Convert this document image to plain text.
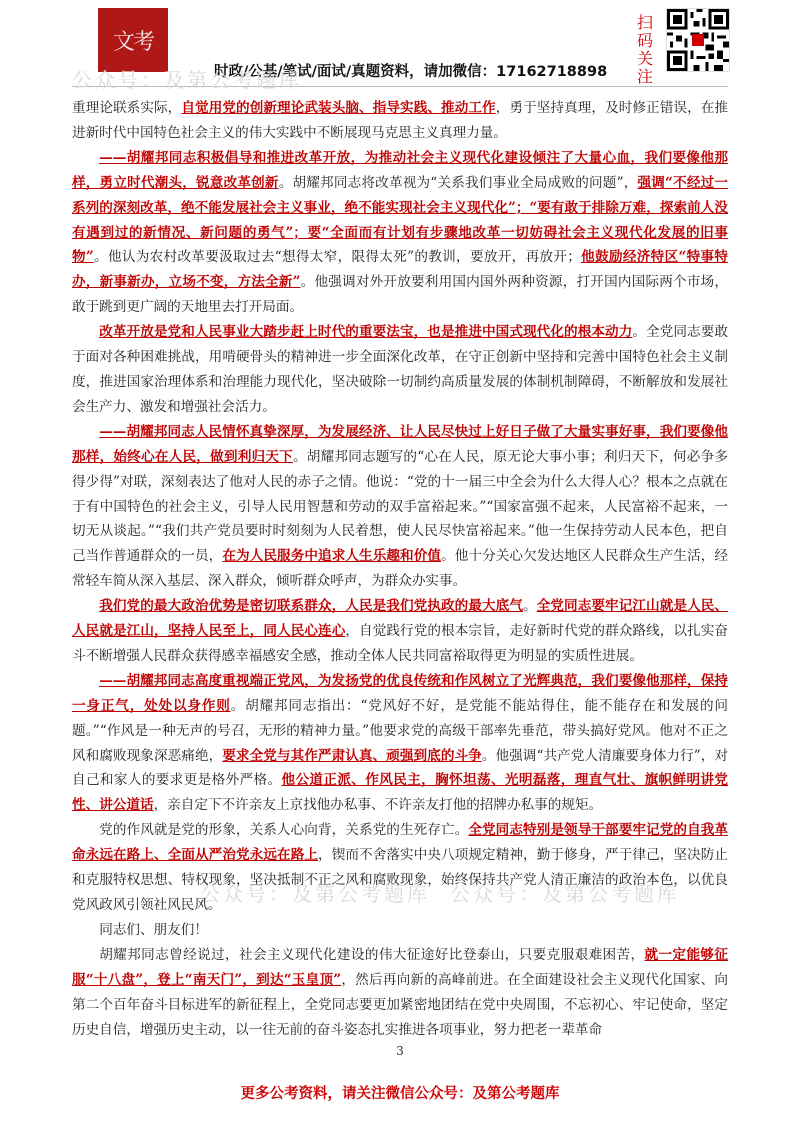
文考
时政/公基/笔试/面试/真题资料，请加微信：17162718898
扫码关注
公众号：及第公考题库
公众号：及第公考题库 公众号：及第公考题库

重理论联系实际，自觉用党的创新理论武装头脑、指导实践、推动工作，勇于坚持真理，及时修正错误，在推进新时代中国特色社会主义的伟大实践中不断展现马克思主义真理力量。

——胡耀邦同志积极倡导和推进改革开放，为推动社会主义现代化建设倾注了大量心血，我们要像他那样，勇立时代潮头，锐意改革创新。胡耀邦同志将改革视为“关系我们事业全局成败的问题”，强调“不经过一系列的深刻改革，绝不能发展社会主义事业，绝不能实现社会主义现代化”；“要有敢于排除万难，探索前人没有遇到过的新情况、新问题的勇气”；要“全面而有计划有步骤地改革一切妨碍社会主义现代化发展的旧事物”。他认为农村改革要汲取过去“想得太窄，限得太死”的教训，要放开，再放开；他鼓励经济特区“特事特办，新事新办，立场不变，方法全新”。他强调对外开放要利用国内国外两种资源，打开国内国际两个市场，敢于跳到更广阔的天地里去打开局面。

改革开放是党和人民事业大踏步赶上时代的重要法宝，也是推进中国式现代化的根本动力。全党同志要敢于面对各种困难挑战，用啃硬骨头的精神进一步全面深化改革，在守正创新中坚持和完善中国特色社会主义制度，推进国家治理体系和治理能力现代化，坚决破除一切制约高质量发展的体制机制障碍，不断解放和发展社会生产力、激发和增强社会活力。

——胡耀邦同志人民情怀真挚深厚，为发展经济、让人民尽快过上好日子做了大量实事好事，我们要像他那样，始终心在人民，做到利归天下。胡耀邦同志题写的“心在人民，原无论大事小事；利归天下，何必争多得少得”对联，深刻表达了他对人民的赤子之情。他说：“党的十一届三中全会为什么大得人心？根本之点就在于有中国特色的社会主义，引导人民用智慧和劳动的双手富裕起来。”“国家富强不起来，人民富裕不起来，一切无从谈起。”“我们共产党员要时时刻刻为人民着想，使人民尽快富裕起来。”他一生保持劳动人民本色，把自己当作普通群众的一员，在为人民服务中追求人生乐趣和价值。他十分关心欠发达地区人民群众生产生活，经常轻车简从深入基层、深入群众，倾听群众呼声，为群众办实事。

我们党的最大政治优势是密切联系群众，人民是我们党执政的最大底气。全党同志要牢记江山就是人民、人民就是江山，坚持人民至上，同人民心连心，自觉践行党的根本宗旨，走好新时代党的群众路线，以扎实奋斗不断增强人民群众获得感幸福感安全感，推动全体人民共同富裕取得更为明显的实质性进展。

——胡耀邦同志高度重视端正党风，为发扬党的优良传统和作风树立了光辉典范，我们要像他那样，保持一身正气，处处以身作则。胡耀邦同志指出：“党风好不好，是党能不能站得住，能不能存在和发展的问题。”“作风是一种无声的号召，无形的精神力量。”他要求党的高级干部率先垂范，带头搞好党风。他对不正之风和腐败现象深恶痛绝，要求全党与其作严肃认真、顽强到底的斗争。他强调“共产党人清廉要身体力行”，对自己和家人的要求更是格外严格。他公道正派、作风民主，胸怀坦荡、光明磊落，理直气壮、旗帜鲜明讲党性、讲公道话，亲自定下不许亲友上京找他办私事、不许亲友打他的招牌办私事的规矩。

党的作风就是党的形象，关系人心向背，关系党的生死存亡。全党同志特别是领导干部要牢记党的自我革命永远在路上、全面从严治党永远在路上，锲而不舍落实中央八项规定精神，勤于修身，严于律己，坚决防止和克服特权思想、特权现象，坚决抵制不正之风和腐败现象，始终保持共产党人清正廉洁的政治本色，以优良党风政风引领社风民风。

同志们、朋友们！

胡耀邦同志曾经说过，社会主义现代化建设的伟大征途好比登泰山，只要克服艰难困苦，就一定能够征服“十八盘”，登上“南天门”，到达“玉皇顶”，然后再向新的高峰前进。在全面建设社会主义现代化国家、向第二个百年奋斗目标进军的新征程上，全党同志要更加紧密地团结在党中央周围，不忘初心、牢记使命，坚定历史自信，增强历史主动，以一往无前的奋斗姿态扎实推进各项事业，努力把老一辈革命

3
更多公考资料，请关注微信公众号：及第公考题库
